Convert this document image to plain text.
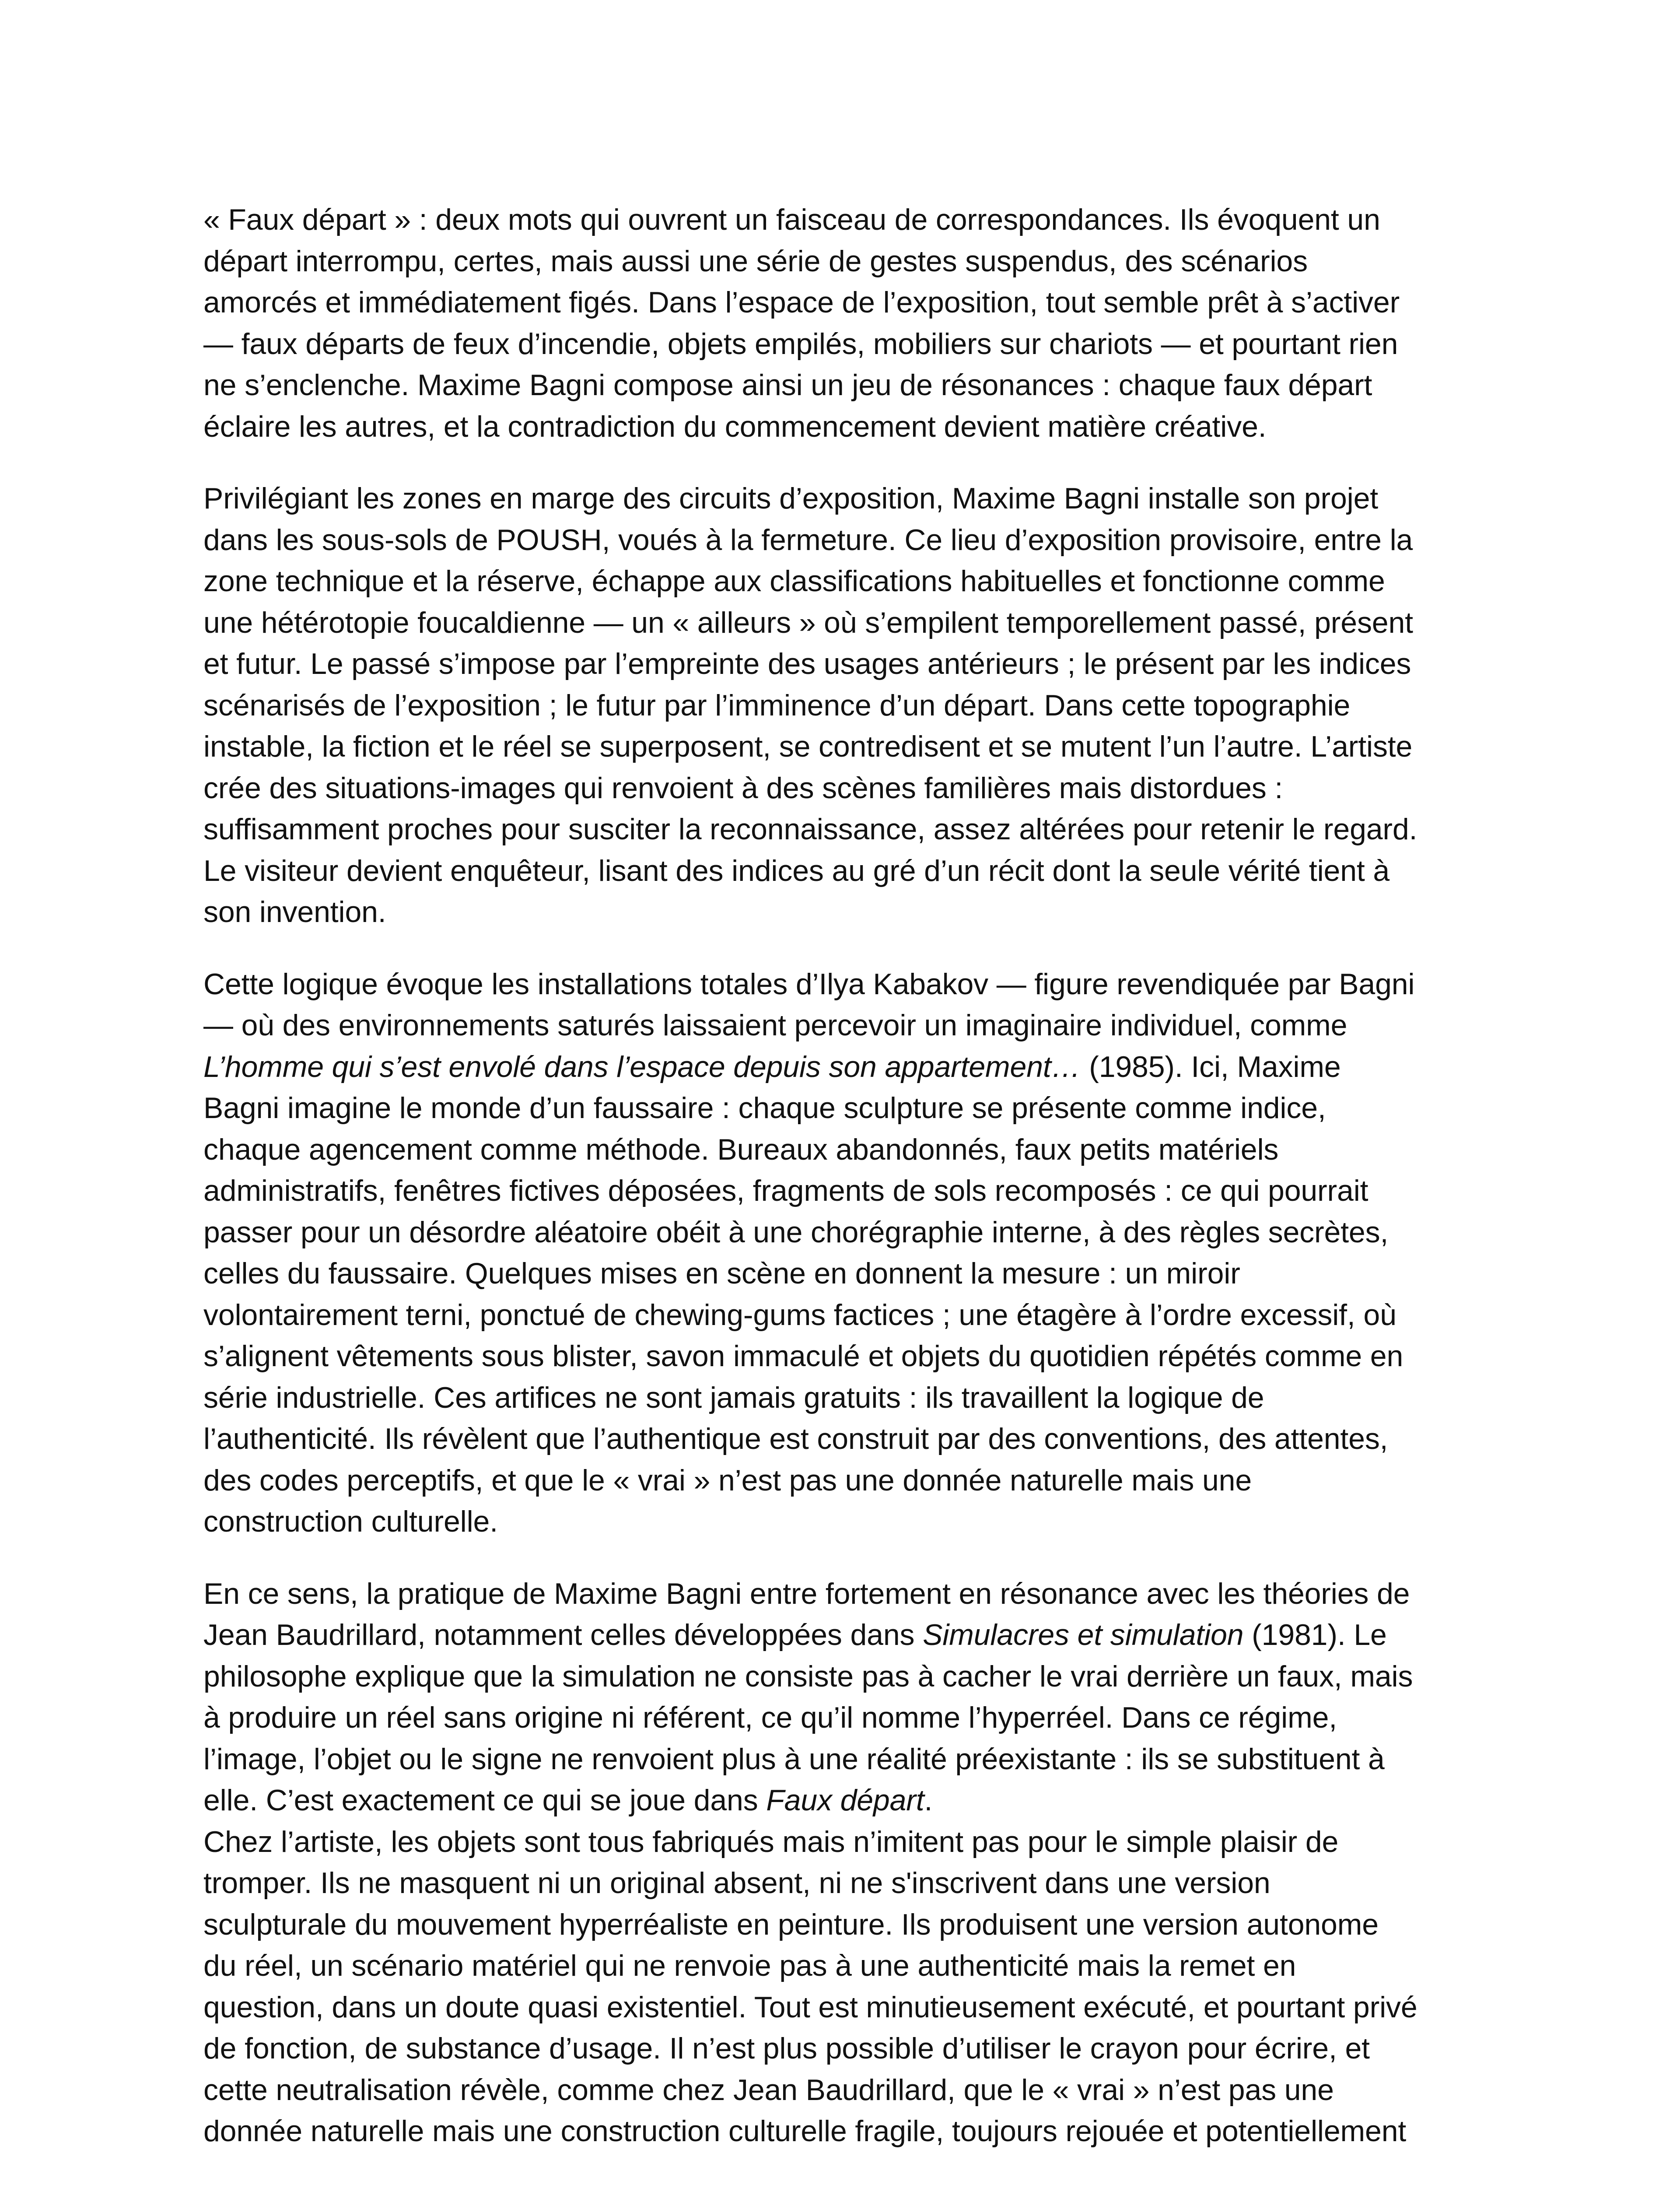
« Faux départ » : deux mots qui ouvrent un faisceau de correspondances. Ils évoquent un
départ interrompu, certes, mais aussi une série de gestes suspendus, des scénarios
amorcés et immédiatement figés. Dans l’espace de l’exposition, tout semble prêt à s’activer
— faux départs de feux d’incendie, objets empilés, mobiliers sur chariots — et pourtant rien
ne s’enclenche. Maxime Bagni compose ainsi un jeu de résonances : chaque faux départ
éclaire les autres, et la contradiction du commencement devient matière créative.

Privilégiant les zones en marge des circuits d’exposition, Maxime Bagni installe son projet
dans les sous-sols de POUSH, voués à la fermeture. Ce lieu d’exposition provisoire, entre la
zone technique et la réserve, échappe aux classifications habituelles et fonctionne comme
une hétérotopie foucaldienne — un « ailleurs » où s’empilent temporellement passé, présent
et futur. Le passé s’impose par l’empreinte des usages antérieurs ; le présent par les indices
scénarisés de l’exposition ; le futur par l’imminence d’un départ. Dans cette topographie
instable, la fiction et le réel se superposent, se contredisent et se mutent l’un l’autre. L’artiste
crée des situations-images qui renvoient à des scènes familières mais distordues :
suffisamment proches pour susciter la reconnaissance, assez altérées pour retenir le regard.
Le visiteur devient enquêteur, lisant des indices au gré d’un récit dont la seule vérité tient à
son invention.

Cette logique évoque les installations totales d’Ilya Kabakov — figure revendiquée par Bagni
— où des environnements saturés laissaient percevoir un imaginaire individuel, comme
L’homme qui s’est envolé dans l’espace depuis son appartement… (1985). Ici, Maxime
Bagni imagine le monde d’un faussaire : chaque sculpture se présente comme indice,
chaque agencement comme méthode. Bureaux abandonnés, faux petits matériels
administratifs, fenêtres fictives déposées, fragments de sols recomposés : ce qui pourrait
passer pour un désordre aléatoire obéit à une chorégraphie interne, à des règles secrètes,
celles du faussaire. Quelques mises en scène en donnent la mesure : un miroir
volontairement terni, ponctué de chewing-gums factices ; une étagère à l’ordre excessif, où
s’alignent vêtements sous blister, savon immaculé et objets du quotidien répétés comme en
série industrielle. Ces artifices ne sont jamais gratuits : ils travaillent la logique de
l’authenticité. Ils révèlent que l’authentique est construit par des conventions, des attentes,
des codes perceptifs, et que le « vrai » n’est pas une donnée naturelle mais une
construction culturelle.

En ce sens, la pratique de Maxime Bagni entre fortement en résonance avec les théories de
Jean Baudrillard, notamment celles développées dans Simulacres et simulation (1981). Le
philosophe explique que la simulation ne consiste pas à cacher le vrai derrière un faux, mais
à produire un réel sans origine ni référent, ce qu’il nomme l’hyperréel. Dans ce régime,
l’image, l’objet ou le signe ne renvoient plus à une réalité préexistante : ils se substituent à
elle. C’est exactement ce qui se joue dans Faux départ.
Chez l’artiste, les objets sont tous fabriqués mais n’imitent pas pour le simple plaisir de
tromper. Ils ne masquent ni un original absent, ni ne s'inscrivent dans une version
sculpturale du mouvement hyperréaliste en peinture. Ils produisent une version autonome
du réel, un scénario matériel qui ne renvoie pas à une authenticité mais la remet en
question, dans un doute quasi existentiel. Tout est minutieusement exécuté, et pourtant privé
de fonction, de substance d’usage. Il n’est plus possible d’utiliser le crayon pour écrire, et
cette neutralisation révèle, comme chez Jean Baudrillard, que le « vrai » n’est pas une
donnée naturelle mais une construction culturelle fragile, toujours rejouée et potentiellement
